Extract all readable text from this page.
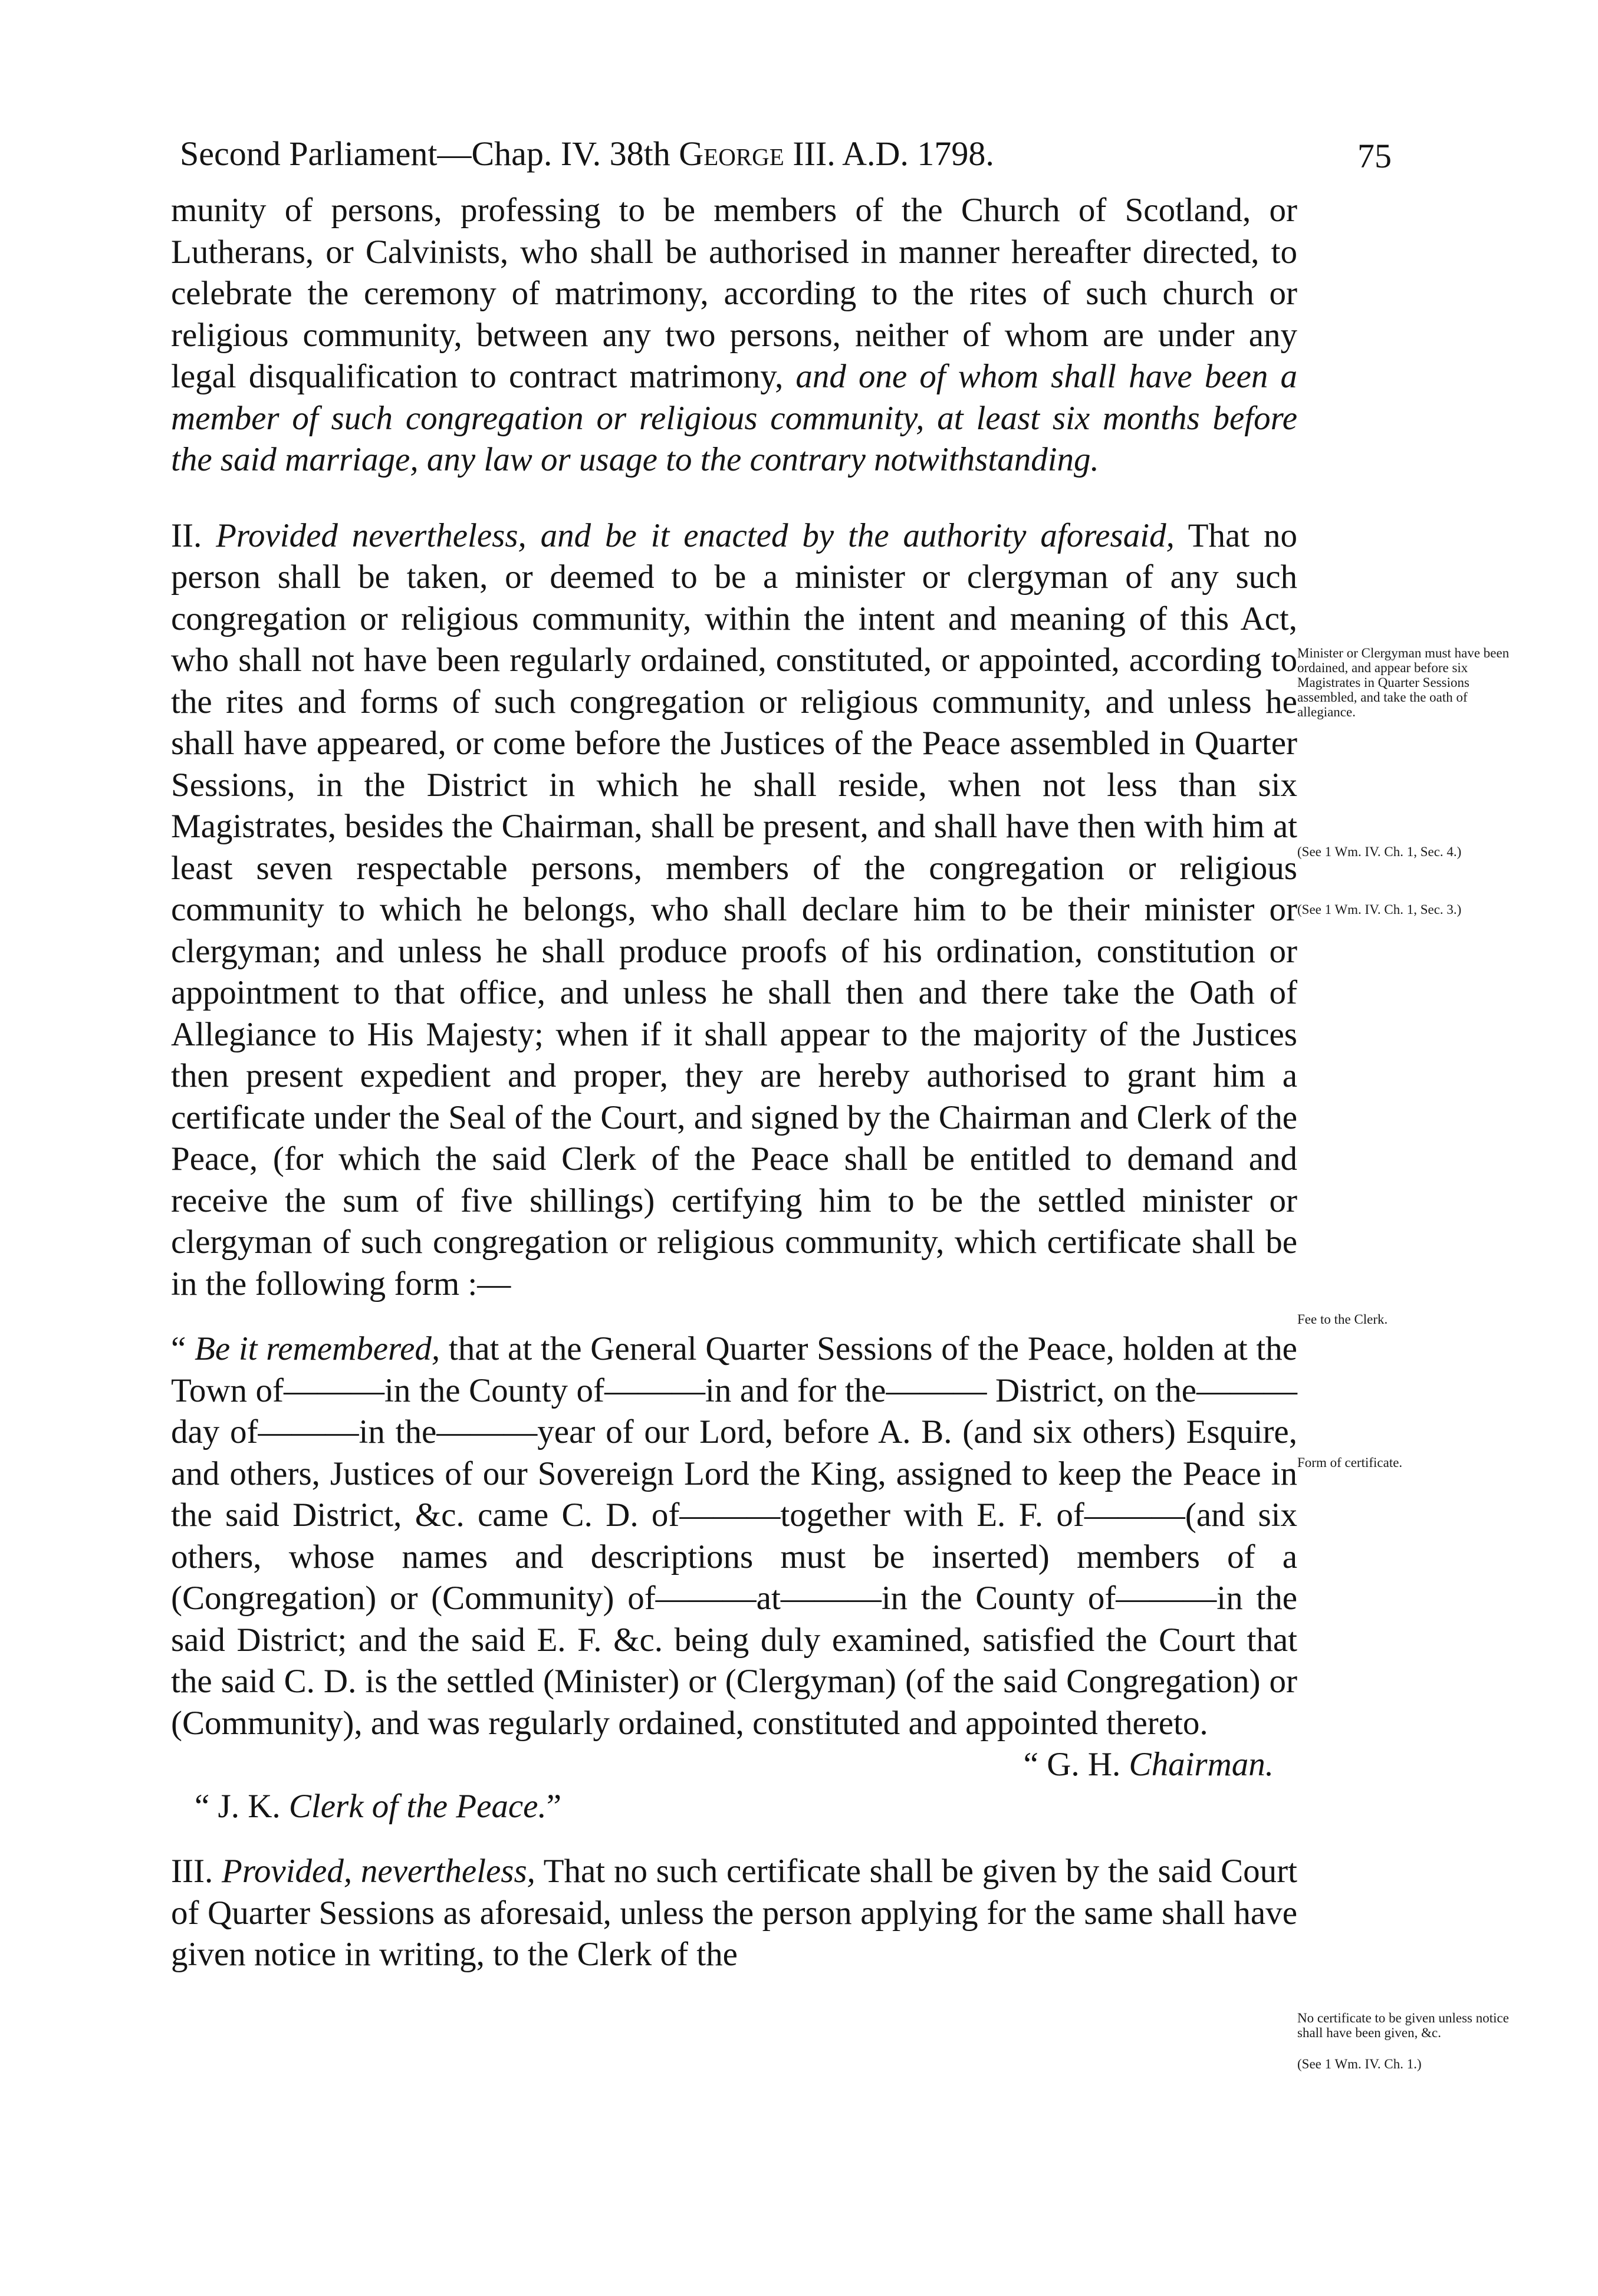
Second Parliament—Chap. IV. 38th George III. A.D. 1798.	75

munity of persons, professing to be members of the Church of Scotland, or Lutherans, or Calvinists, who shall be authorised in manner hereafter directed, to celebrate the ceremony of matrimony, according to the rites of such church or religious community, between any two persons, neither of whom are under any legal disqualification to contract matrimony, and one of whom shall have been a member of such congregation or religious community, at least six months before the said marriage, any law or usage to the contrary notwithstanding.

II. Provided nevertheless, and be it enacted by the authority aforesaid, That no person shall be taken, or deemed to be a minister or clergyman of any such congregation or religious community, within the intent and meaning of this Act, who shall not have been regularly ordained, constituted, or appointed, according to the rites and forms of such congregation or religious community, and unless he shall have appeared, or come before the Justices of the Peace assembled in Quarter Sessions, in the District in which he shall reside, when not less than six Magistrates, besides the Chairman, shall be present, and shall have then with him at least seven respectable persons, members of the congregation or religious community to which he belongs, who shall declare him to be their minister or clergyman; and unless he shall produce proofs of his ordination, constitution or appointment to that office, and unless he shall then and there take the Oath of Allegiance to His Majesty; when if it shall appear to the majority of the Justices then present expedient and proper, they are hereby authorised to grant him a certificate under the Seal of the Court, and signed by the Chairman and Clerk of the Peace, (for which the said Clerk of the Peace shall be entitled to demand and receive the sum of five shillings) certifying him to be the settled minister or clergyman of such congregation or religious community, which certificate shall be in the following form :—

“ Be it remembered, that at the General Quarter Sessions of the Peace, holden at the Town of———in the County of———in and for the——— District, on the———day of———in the———year of our Lord, before A. B. (and six others) Esquire, and others, Justices of our Sovereign Lord the King, assigned to keep the Peace in the said District, &c. came C. D. of———together with E. F. of———(and six others, whose names and descriptions must be inserted) members of a (Congregation) or (Community) of———at———in the County of———in the said District; and the said E. F. &c. being duly examined, satisfied the Court that the said C. D. is the settled (Minister) or (Clergyman) (of the said Congregation) or (Community), and was regularly ordained, constituted and appointed thereto.

“ G. H. Chairman.

“ J. K. Clerk of the Peace.”

III. Provided, nevertheless, That no such certificate shall be given by the said Court of Quarter Sessions as aforesaid, unless the person applying for the same shall have given notice in writing, to the Clerk of the

(See 1 Wm. IV. Ch. 1, Sec. 3.)
Minister or Clergyman must have been ordained, and appear before six Magistrates in Quarter Sessions assembled, and take the oath of allegiance.
(See 1 Wm. IV. Ch. 1, Sec. 4.)
Fee to the Clerk.
Form of certificate.
No certificate to be given unless notice shall have been given, &c.
(See 1 Wm. IV. Ch. 1.)
